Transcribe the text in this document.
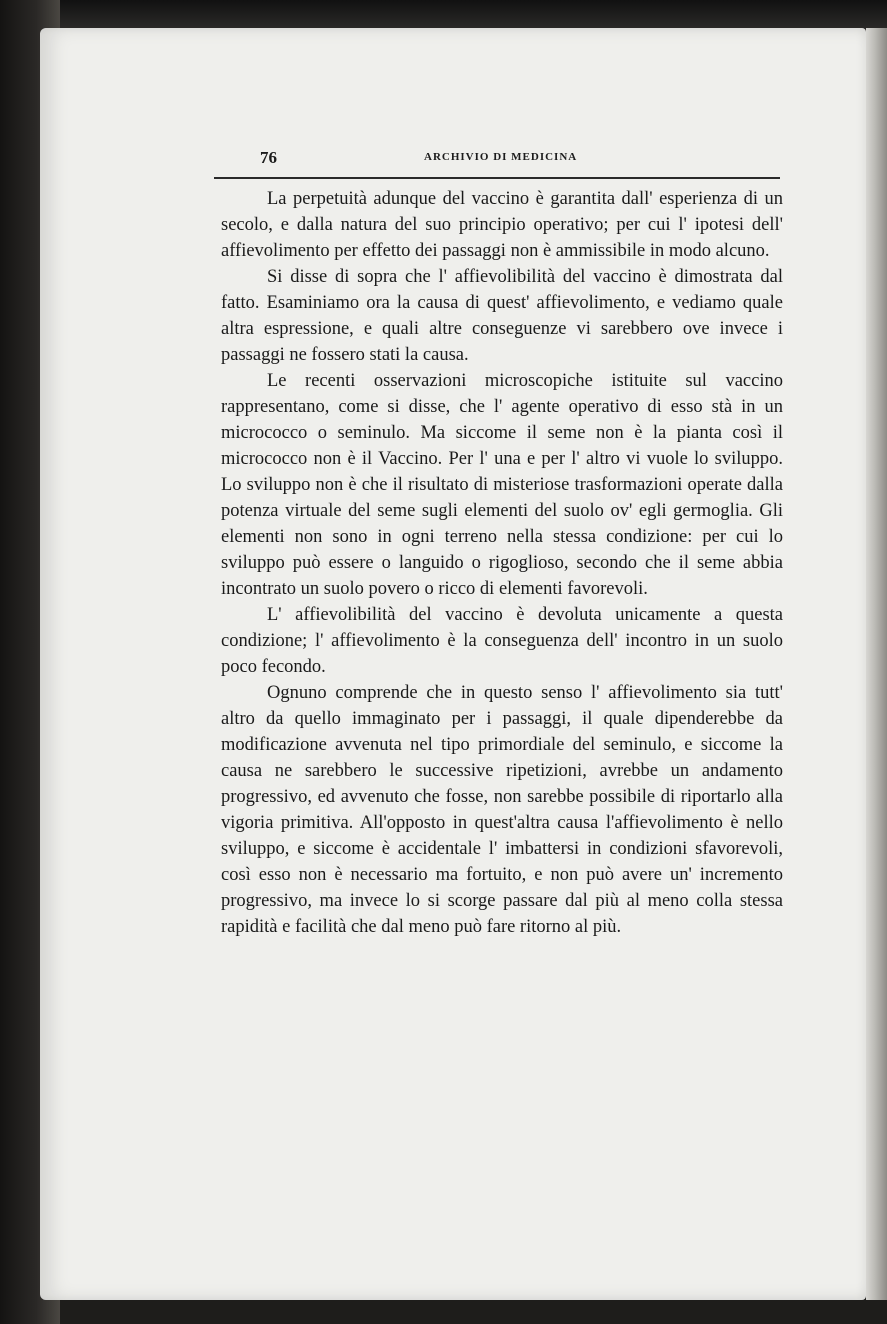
76	ARCHIVIO DI MEDICINA

La perpetuità adunque del vaccino è garantita dall' esperienza di un secolo, e dalla natura del suo principio operativo; per cui l' ipotesi dell' affievolimento per effetto dei passaggi non è ammissibile in modo alcuno.

Si disse di sopra che l' affievolibilità del vaccino è dimostrata dal fatto. Esaminiamo ora la causa di quest' affievolimento, e vediamo quale altra espressione, e quali altre conseguenze vi sarebbero ove invece i passaggi ne fossero stati la causa.

Le recenti osservazioni microscopiche istituite sul vaccino rappresentano, come si disse, che l' agente operativo di esso stà in un micrococco o seminulo. Ma siccome il seme non è la pianta così il micrococco non è il Vaccino. Per l' una e per l' altro vi vuole lo sviluppo. Lo sviluppo non è che il risultato di misteriose trasformazioni operate dalla potenza virtuale del seme sugli elementi del suolo ov' egli germoglia. Gli elementi non sono in ogni terreno nella stessa condizione: per cui lo sviluppo può essere o languido o rigoglioso, secondo che il seme abbia incontrato un suolo povero o ricco di elementi favorevoli.

L' affievolibilità del vaccino è devoluta unicamente a questa condizione; l' affievolimento è la conseguenza dell' incontro in un suolo poco fecondo.

Ognuno comprende che in questo senso l' affievolimento sia tutt' altro da quello immaginato per i passaggi, il quale dipenderebbe da modificazione avvenuta nel tipo primordiale del seminulo, e siccome la causa ne sarebbero le successive ripetizioni, avrebbe un andamento progressivo, ed avvenuto che fosse, non sarebbe possibile di riportarlo alla vigoria primitiva. All'opposto in quest'altra causa l'affievolimento è nello sviluppo, e siccome è accidentale l' imbattersi in condizioni sfavorevoli, così esso non è necessario ma fortuito, e non può avere un' incremento progressivo, ma invece lo si scorge passare dal più al meno colla stessa rapidità e facilità che dal meno può fare ritorno al più.
